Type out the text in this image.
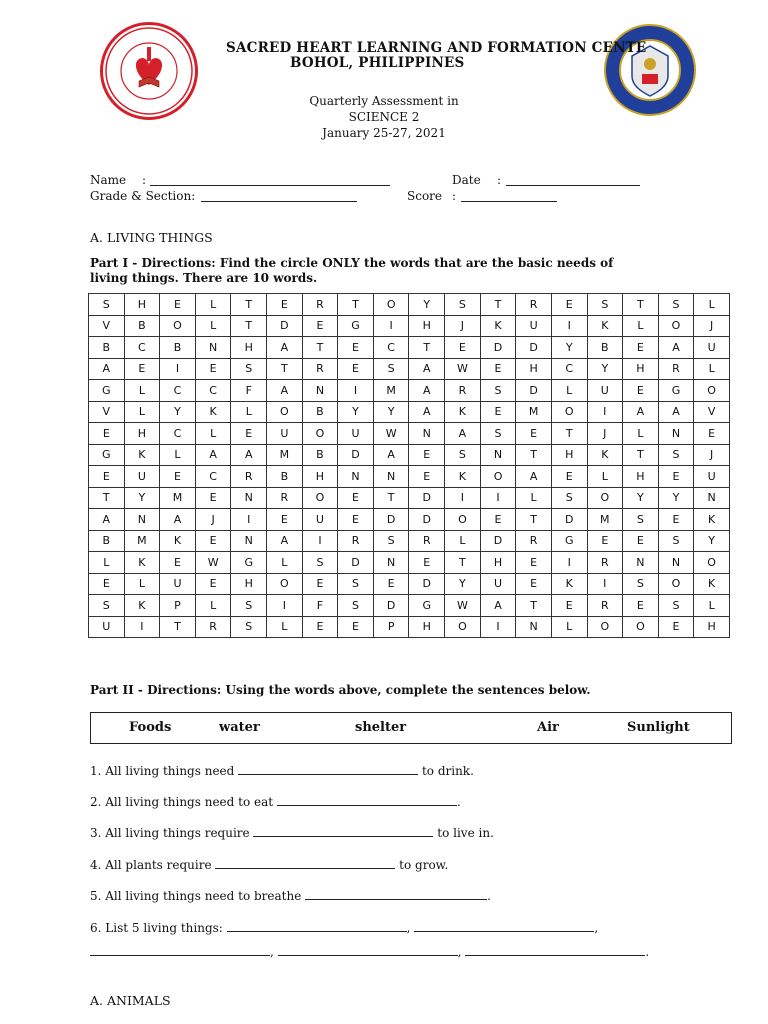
SACRED HEART LEARNING AND FORMATION CENTE
BOHOL, PHILIPPINES
Quarterly Assessment in
SCIENCE 2
January 25-27, 2021
Name :	Date :
Grade & Section:	Score :
A. LIVING THINGS
Part I - Directions: Find the circle ONLY the words that are the basic needs of living things. There are 10 words.
S	H	E	L	T	E	R	T	O	Y	S	T	R	E	S	T	S	L
V	B	O	L	T	D	E	G	I	H	J	K	U	I	K	L	O	J
B	C	B	N	H	A	T	E	C	T	E	D	D	Y	B	E	A	U
A	E	I	E	S	T	R	E	S	A	W	E	H	C	Y	H	R	L
G	L	C	C	F	A	N	I	M	A	R	S	D	L	U	E	G	O
V	L	Y	K	L	O	B	Y	Y	A	K	E	M	O	I	A	A	V
E	H	C	L	E	U	O	U	W	N	A	S	E	T	J	L	N	E
G	K	L	A	A	M	B	D	A	E	S	N	T	H	K	T	S	J
E	U	E	C	R	B	H	N	N	E	K	O	A	E	L	H	E	U
T	Y	M	E	N	R	O	E	T	D	I	I	L	S	O	Y	Y	N
A	N	A	J	I	E	U	E	D	D	O	E	T	D	M	S	E	K
B	M	K	E	N	A	I	R	S	R	L	D	R	G	E	E	S	Y
L	K	E	W	G	L	S	D	N	E	T	H	E	I	R	N	N	O
E	L	U	E	H	O	E	S	E	D	Y	U	E	K	I	S	O	K
S	K	P	L	S	I	F	S	D	G	W	A	T	E	R	E	S	L
U	I	T	R	S	L	E	E	P	H	O	I	N	L	O	O	E	H
Part II - Directions: Using the words above, complete the sentences below.
Foods	water	shelter	Air	Sunlight
1. All living things need	to drink.
2. All living things need to eat	.
3. All living things require	to live in.
4. All plants require	to grow.
5. All living things need to breathe	.
6. List 5 living things:	,	,
,	,	.
A. ANIMALS
